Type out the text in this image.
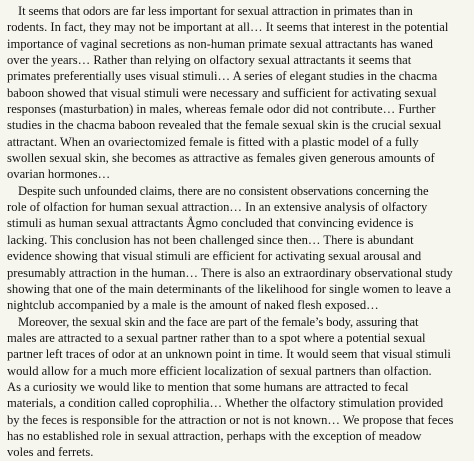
It seems that odors are far less important for sexual attraction in primates than in
rodents. In fact, they may not be important at all… It seems that interest in the potential
importance of vaginal secretions as non-human primate sexual attractants has waned
over the years… Rather than relying on olfactory sexual attractants it seems that
primates preferentially uses visual stimuli… A series of elegant studies in the chacma
baboon showed that visual stimuli were necessary and sufficient for activating sexual
responses (masturbation) in males, whereas female odor did not contribute… Further
studies in the chacma baboon revealed that the female sexual skin is the crucial sexual
attractant. When an ovariectomized female is fitted with a plastic model of a fully
swollen sexual skin, she becomes as attractive as females given generous amounts of
ovarian hormones…
Despite such unfounded claims, there are no consistent observations concerning the
role of olfaction for human sexual attraction… In an extensive analysis of olfactory
stimuli as human sexual attractants Ågmo concluded that convincing evidence is
lacking. This conclusion has not been challenged since then… There is abundant
evidence showing that visual stimuli are efficient for activating sexual arousal and
presumably attraction in the human… There is also an extraordinary observational study
showing that one of the main determinants of the likelihood for single women to leave a
nightclub accompanied by a male is the amount of naked flesh exposed…
Moreover, the sexual skin and the face are part of the female’s body, assuring that
males are attracted to a sexual partner rather than to a spot where a potential sexual
partner left traces of odor at an unknown point in time. It would seem that visual stimuli
would allow for a much more efficient localization of sexual partners than olfaction.
As a curiosity we would like to mention that some humans are attracted to fecal
materials, a condition called coprophilia… Whether the olfactory stimulation provided
by the feces is responsible for the attraction or not is not known… We propose that feces
has no established role in sexual attraction, perhaps with the exception of meadow
voles and ferrets.
